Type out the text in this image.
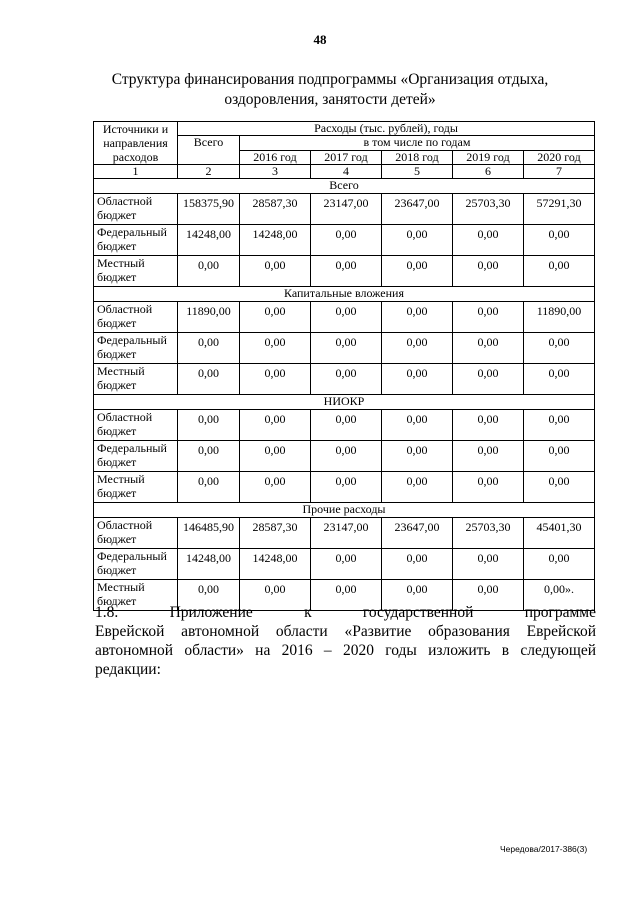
48
Структура финансирования подпрограммы «Организация отдыха, оздоровления, занятости детей»
Источники и направления расходов	Расходы (тыс. рублей), годы					
	Всего	в том числе по годам				
		2016 год	2017 год	2018 год	2019 год	2020 год
1	2	3	4	5	6	7
Всего						
Областной бюджет	158375,90	28587,30	23147,00	23647,00	25703,30	57291,30
Федеральный бюджет	14248,00	14248,00	0,00	0,00	0,00	0,00
Местный бюджет	0,00	0,00	0,00	0,00	0,00	0,00
Капитальные вложения						
Областной бюджет	11890,00	0,00	0,00	0,00	0,00	11890,00
Федеральный бюджет	0,00	0,00	0,00	0,00	0,00	0,00
Местный бюджет	0,00	0,00	0,00	0,00	0,00	0,00
НИОКР						
Областной бюджет	0,00	0,00	0,00	0,00	0,00	0,00
Федеральный бюджет	0,00	0,00	0,00	0,00	0,00	0,00
Местный бюджет	0,00	0,00	0,00	0,00	0,00	0,00
Прочие расходы						
Областной бюджет	146485,90	28587,30	23147,00	23647,00	25703,30	45401,30
Федеральный бюджет	14248,00	14248,00	0,00	0,00	0,00	0,00
Местный бюджет	0,00	0,00	0,00	0,00	0,00	0,00».
1.8.	Приложение	к	государственной	программе
Еврейской автономной области «Развитие образования Еврейской автономной области» на 2016 – 2020 годы изложить в следующей редакции:
Чередова/2017-386(3)
